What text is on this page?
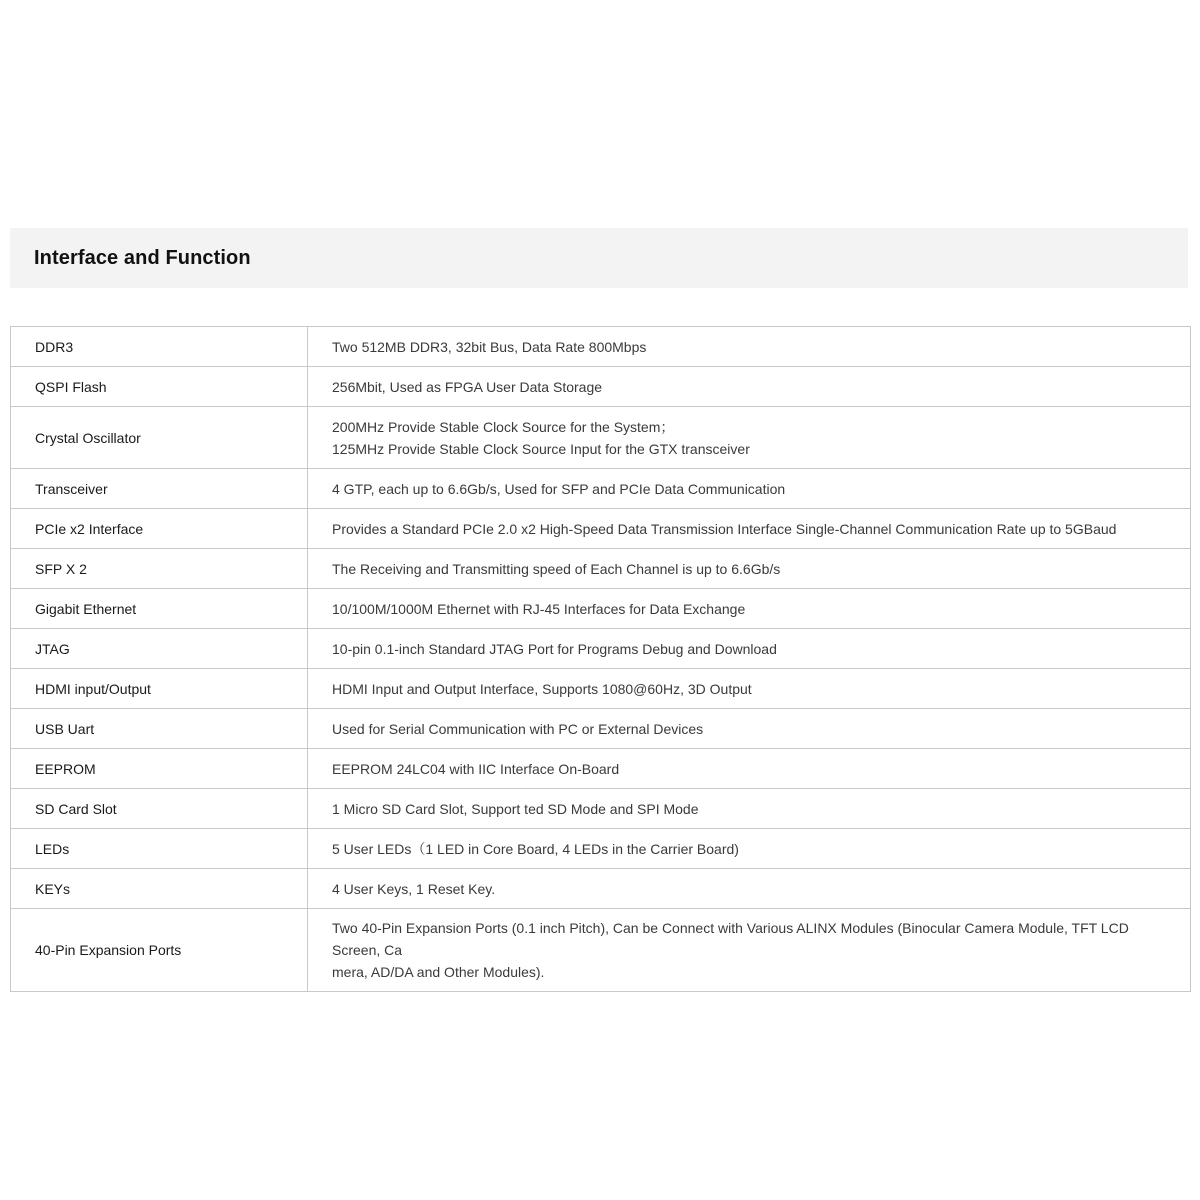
Interface and Function
DDR3	Two 512MB DDR3, 32bit Bus, Data Rate 800Mbps

QSPI Flash	256Mbit, Used as FPGA User Data Storage

Crystal Oscillator	200MHz Provide Stable Clock Source for the System；
125MHz Provide Stable Clock Source Input for the GTX transceiver

Transceiver	4 GTP, each up to 6.6Gb/s, Used for SFP and PCIe Data Communication

PCIe x2 Interface	Provides a Standard PCIe 2.0 x2 High-Speed Data Transmission Interface Single-Channel Communication Rate up to 5GBaud

SFP X 2	The Receiving and Transmitting speed of Each Channel is up to 6.6Gb/s

Gigabit Ethernet	10/100M/1000M Ethernet with RJ-45 Interfaces for Data Exchange

JTAG	10-pin 0.1-inch Standard JTAG Port for Programs Debug and Download

HDMI input/Output	HDMI Input and Output Interface, Supports 1080@60Hz, 3D Output

USB Uart	Used for Serial Communication with PC or External Devices

EEPROM	EEPROM 24LC04 with IIC Interface On-Board

SD Card Slot	1 Micro SD Card Slot, Support ted SD Mode and SPI Mode

LEDs	5 User LEDs（1 LED in Core Board, 4 LEDs in the Carrier Board)

KEYs	4 User Keys, 1 Reset Key.

40-Pin Expansion Ports	Two 40-Pin Expansion Ports (0.1 inch Pitch), Can be Connect with Various ALINX Modules (Binocular Camera Module, TFT LCD Screen, Ca
mera, AD/DA and Other Modules).
